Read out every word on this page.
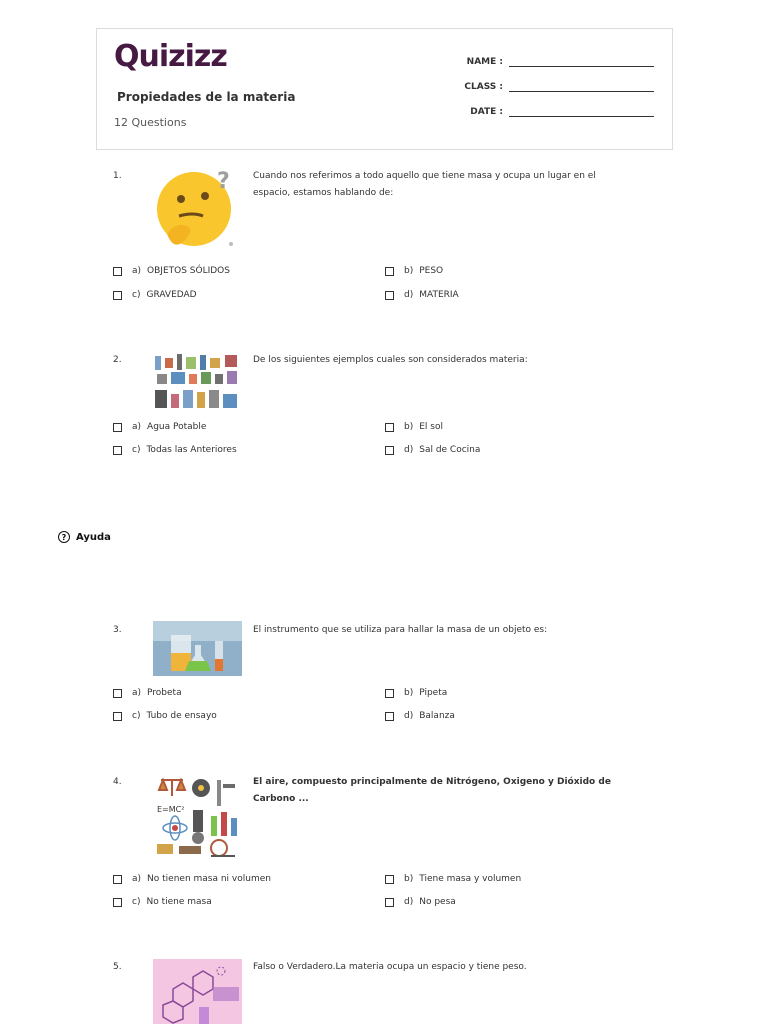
Quizizz
Propiedades de la materia
12 Questions
NAME :
CLASS :
DATE :
1.	?	Cuando nos referimos a todo aquello que tiene masa y ocupa un lugar en el espacio, estamos hablando de:
a) OBJETOS SÓLIDOS	b) PESO
c) GRAVEDAD	d) MATERIA
2.	De los siguientes ejemplos cuales son considerados materia:
a) Agua Potable	b) El sol
c) Todas las Anteriores	d) Sal de Cocina
? Ayuda
3.	El instrumento que se utiliza para hallar la masa de un objeto es:
a) Probeta	b) Pipeta
c) Tubo de ensayo	d) Balanza
4.
E=MC²
El aire, compuesto principalmente de Nitrógeno, Oxigeno y Dióxido de Carbono ...
a) No tienen masa ni volumen	b) Tiene masa y volumen
c) No tiene masa	d) No pesa
5.	Falso o Verdadero.La materia ocupa un espacio y tiene peso.
